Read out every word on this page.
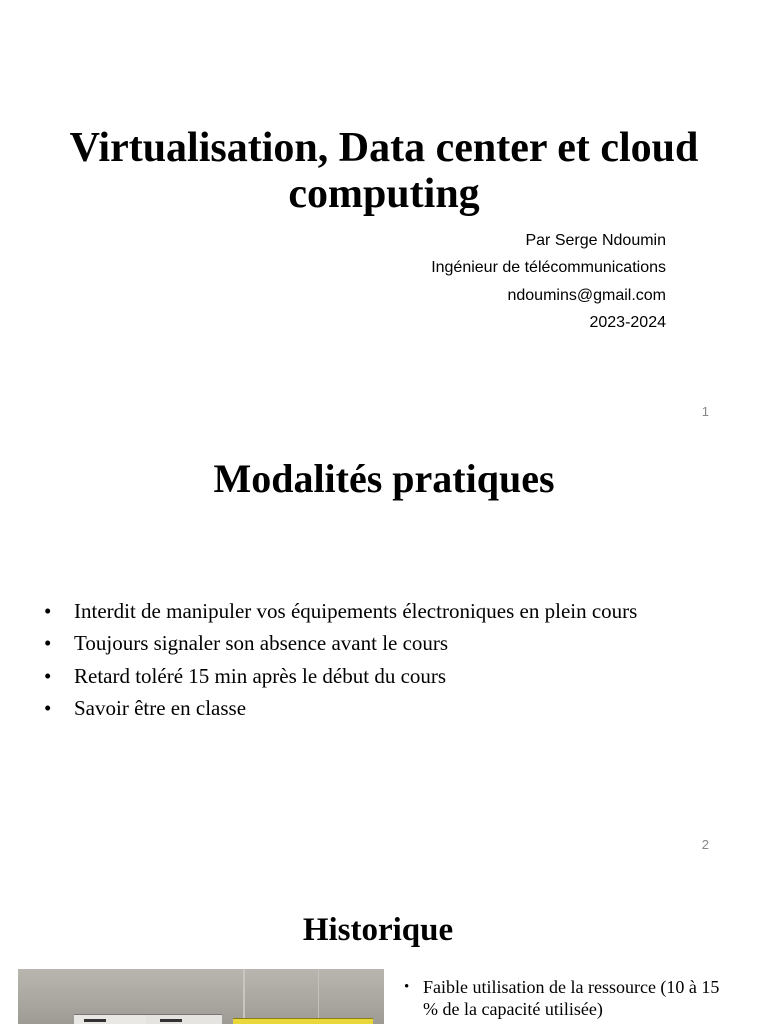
Virtualisation, Data center et cloud computing
Par Serge Ndoumin
Ingénieur de télécommunications
ndoumins@gmail.com
2023-2024
1
Modalités pratiques
• Interdit de manipuler vos équipements électroniques en plein cours
• Toujours signaler son absence avant le cours
• Retard toléré 15 min après le début du cours
• Savoir être en classe
2
Historique
• Faible utilisation de la ressource (10 à 15 % de la capacité utilisée)
